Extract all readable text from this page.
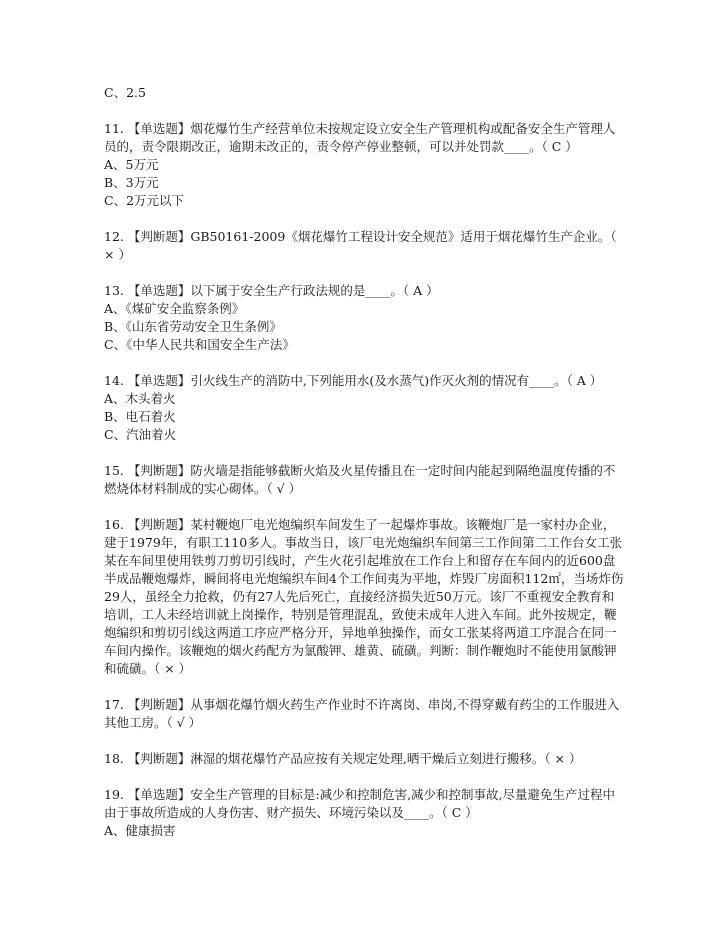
C、2.5
11. 【单选题】烟花爆竹生产经营单位未按规定设立安全生产管理机构或配备安全生产管理人员的，责令限期改正，逾期未改正的，责令停产停业整顿，可以并处罚款____。（ C ）
A、5万元
B、3万元
C、2万元以下
12. 【判断题】GB50161-2009《烟花爆竹工程设计安全规范》适用于烟花爆竹生产企业。（ × ）
13. 【单选题】以下属于安全生产行政法规的是____。（ A ）
A、《煤矿安全监察条例》
B、《山东省劳动安全卫生条例》
C、《中华人民共和国安全生产法》
14. 【单选题】引火线生产的消防中,下列能用水(及水蒸气)作灭火剂的情况有____。（ A ）
A、木头着火
B、电石着火
C、汽油着火
15. 【判断题】防火墙是指能够截断火焰及火星传播且在一定时间内能起到隔绝温度传播的不燃烧体材料制成的实心砌体。（ √ ）
16. 【判断题】某村鞭炮厂电光炮编织车间发生了一起爆炸事故。该鞭炮厂是一家村办企业，建于1979年，有职工110多人。事故当日，该厂电光炮编织车间第三工作间第二工作台女工张某在车间里使用铁剪刀剪切引线时，产生火花引起堆放在工作台上和留存在车间内的近600盘半成品鞭炮爆炸，瞬间将电光炮编织车间4个工作间夷为平地，炸毁厂房面积112㎡，当场炸伤29人，虽经全力抢救，仍有27人先后死亡，直接经济损失近50万元。该厂不重视安全教育和培训，工人未经培训就上岗操作，特别是管理混乱，致使未成年人进入车间。此外按规定，鞭炮编织和剪切引线这两道工序应严格分开，异地单独操作，而女工张某将两道工序混合在同一车间内操作。该鞭炮的烟火药配方为氯酸钾、雄黄、硫磺。判断：制作鞭炮时不能使用氯酸钾和硫磺。（ × ）
17. 【判断题】从事烟花爆竹烟火药生产作业时不许离岗、串岗,不得穿戴有药尘的工作服进入其他工房。（ √ ）
18. 【判断题】淋湿的烟花爆竹产品应按有关规定处理,晒干燥后立刻进行搬移。（ × ）
19. 【单选题】安全生产管理的目标是:减少和控制危害,减少和控制事故,尽量避免生产过程中由于事故所造成的人身伤害、财产损失、环境污染以及____。（ C ）
A、健康损害
